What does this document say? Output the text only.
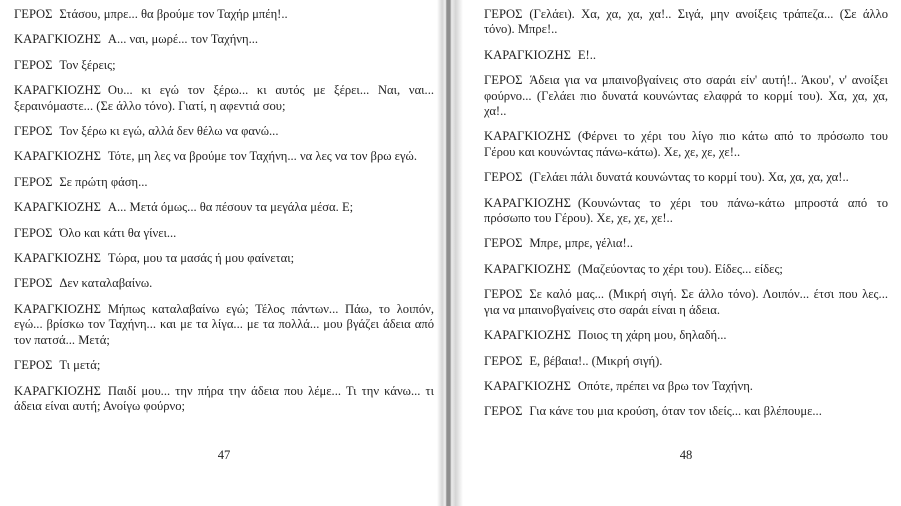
ΓΕΡΟΣ Στάσου, μπρε... θα βρούμε τον Ταχήρ μπέη!..

ΚΑΡΑΓΚΙΟΖΗΣ Α... ναι, μωρέ... τον Ταχήνη...

ΓΕΡΟΣ Τον ξέρεις;

ΚΑΡΑΓΚΙΟΖΗΣ Ου... κι εγώ τον ξέρω... κι αυτός με ξέρει... Ναι, ναι... ξεραινόμαστε... (Σε άλλο τόνο). Γιατί, η αφεντιά σου;

ΓΕΡΟΣ Τον ξέρω κι εγώ, αλλά δεν θέλω να φανώ...

ΚΑΡΑΓΚΙΟΖΗΣ Τότε, μη λες να βρούμε τον Ταχήνη... να λες να τον βρω εγώ.

ΓΕΡΟΣ Σε πρώτη φάση...

ΚΑΡΑΓΚΙΟΖΗΣ Α... Μετά όμως... θα πέσουν τα μεγάλα μέσα. Ε;

ΓΕΡΟΣ Όλο και κάτι θα γίνει...

ΚΑΡΑΓΚΙΟΖΗΣ Τώρα, μου τα μασάς ή μου φαίνεται;

ΓΕΡΟΣ Δεν καταλαβαίνω.

ΚΑΡΑΓΚΙΟΖΗΣ Μήπως καταλαβαίνω εγώ; Τέλος πάντων... Πάω, το λοιπόν, εγώ... βρίσκω τον Ταχήνη... και με τα λίγα... με τα πολλά... μου βγάζει άδεια από τον πατσά... Μετά;

ΓΕΡΟΣ Τι μετά;

ΚΑΡΑΓΚΙΟΖΗΣ Παιδί μου... την πήρα την άδεια που λέμε... Τι την κάνω... τι άδεια είναι αυτή; Ανοίγω φούρνο;

ΓΕΡΟΣ (Γελάει). Χα, χα, χα, χα!.. Σιγά, μην ανοίξεις τράπεζα... (Σε άλλο τόνο). Μπρε!..

ΚΑΡΑΓΚΙΟΖΗΣ Ε!..

ΓΕΡΟΣ Άδεια για να μπαινοβγαίνεις στο σαράι είν' αυτή!.. Άκου', ν' ανοίξει φούρνο... (Γελάει πιο δυνατά κουνώντας ελαφρά το κορμί του). Χα, χα, χα, χα!..

ΚΑΡΑΓΚΙΟΖΗΣ (Φέρνει το χέρι του λίγο πιο κάτω από το πρόσωπο του Γέρου και κουνώντας πάνω-κάτω). Χε, χε, χε, χε!..

ΓΕΡΟΣ (Γελάει πάλι δυνατά κουνώντας το κορμί του). Χα, χα, χα, χα!..

ΚΑΡΑΓΚΙΟΖΗΣ (Κουνώντας το χέρι του πάνω-κάτω μπροστά από το πρόσωπο του Γέρου). Χε, χε, χε, χε!..

ΓΕΡΟΣ Μπρε, μπρε, γέλια!..

ΚΑΡΑΓΚΙΟΖΗΣ (Μαζεύοντας το χέρι του). Είδες... είδες;

ΓΕΡΟΣ Σε καλό μας... (Μικρή σιγή. Σε άλλο τόνο). Λοιπόν... έτσι που λες... για να μπαινοβγαίνεις στο σαράι είναι η άδεια.

ΚΑΡΑΓΚΙΟΖΗΣ Ποιος τη χάρη μου, δηλαδή...

ΓΕΡΟΣ Ε, βέβαια!.. (Μικρή σιγή).

ΚΑΡΑΓΚΙΟΖΗΣ Οπότε, πρέπει να βρω τον Ταχήνη.

ΓΕΡΟΣ Για κάνε του μια κρούση, όταν τον ιδείς... και βλέπουμε...

47	48
